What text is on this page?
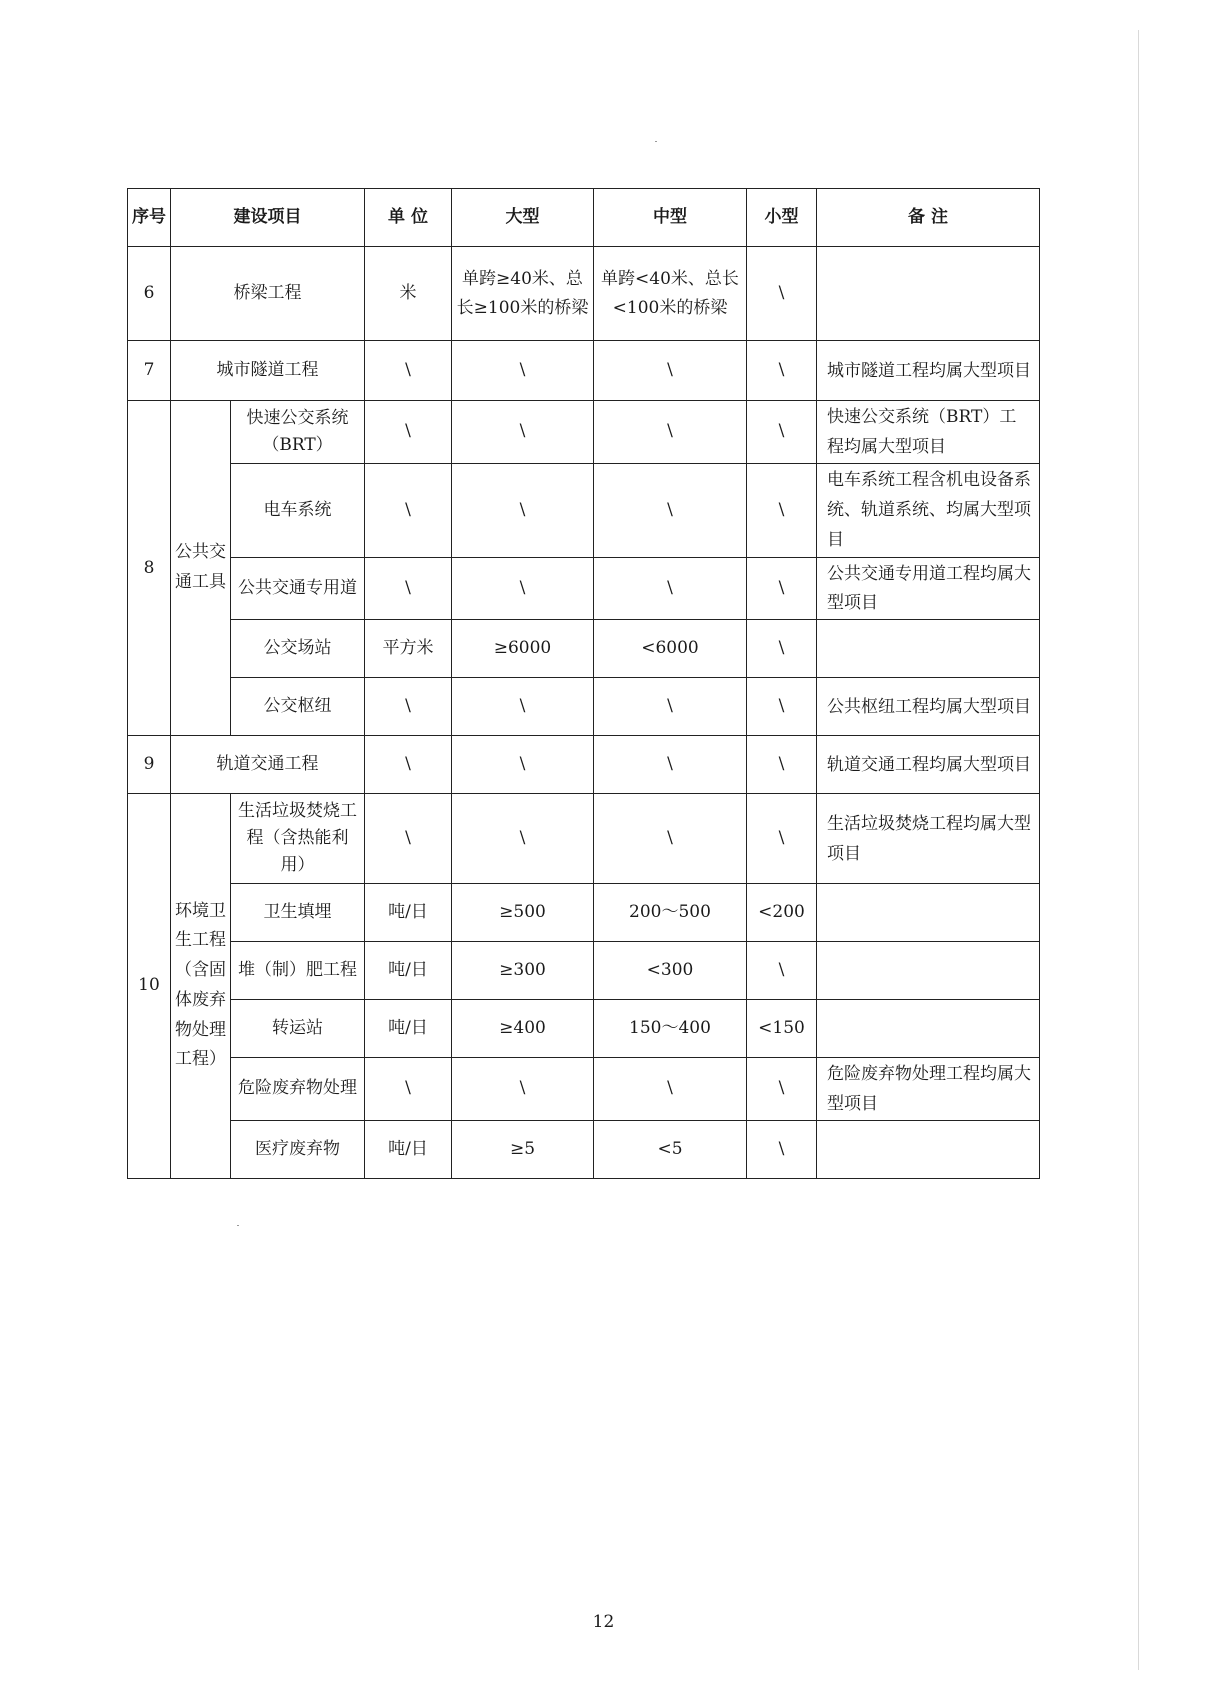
序号	建设项目		单 位	大型	中型	小型	备 注
6	桥梁工程		米	单跨≥40米、总长≥100米的桥梁	单跨<40米、总长<100米的桥梁	\	
7	城市隧道工程		\	\	\	\	城市隧道工程均属大型项目
8	公共交通工具	快速公交系统（BRT）	\	\	\	\	快速公交系统（BRT）工程均属大型项目
		电车系统	\	\	\	\	电车系统工程含机电设备系统、轨道系统、均属大型项目
		公共交通专用道	\	\	\	\	公共交通专用道工程均属大型项目
		公交场站	平方米	≥6000	<6000	\	
		公交枢纽	\	\	\	\	公共枢纽工程均属大型项目
9	轨道交通工程		\	\	\	\	轨道交通工程均属大型项目
10	环境卫生工程（含固体废弃物处理工程）	生活垃圾焚烧工程（含热能利用）	\	\	\	\	生活垃圾焚烧工程均属大型项目
		卫生填埋	吨/日	≥500	200～500	<200	
		堆（制）肥工程	吨/日	≥300	<300	\	
		转运站	吨/日	≥400	150～400	<150	
		危险废弃物处理	\	\	\	\	危险废弃物处理工程均属大型项目
		医疗废弃物	吨/日	≥5	<5	\	
12
